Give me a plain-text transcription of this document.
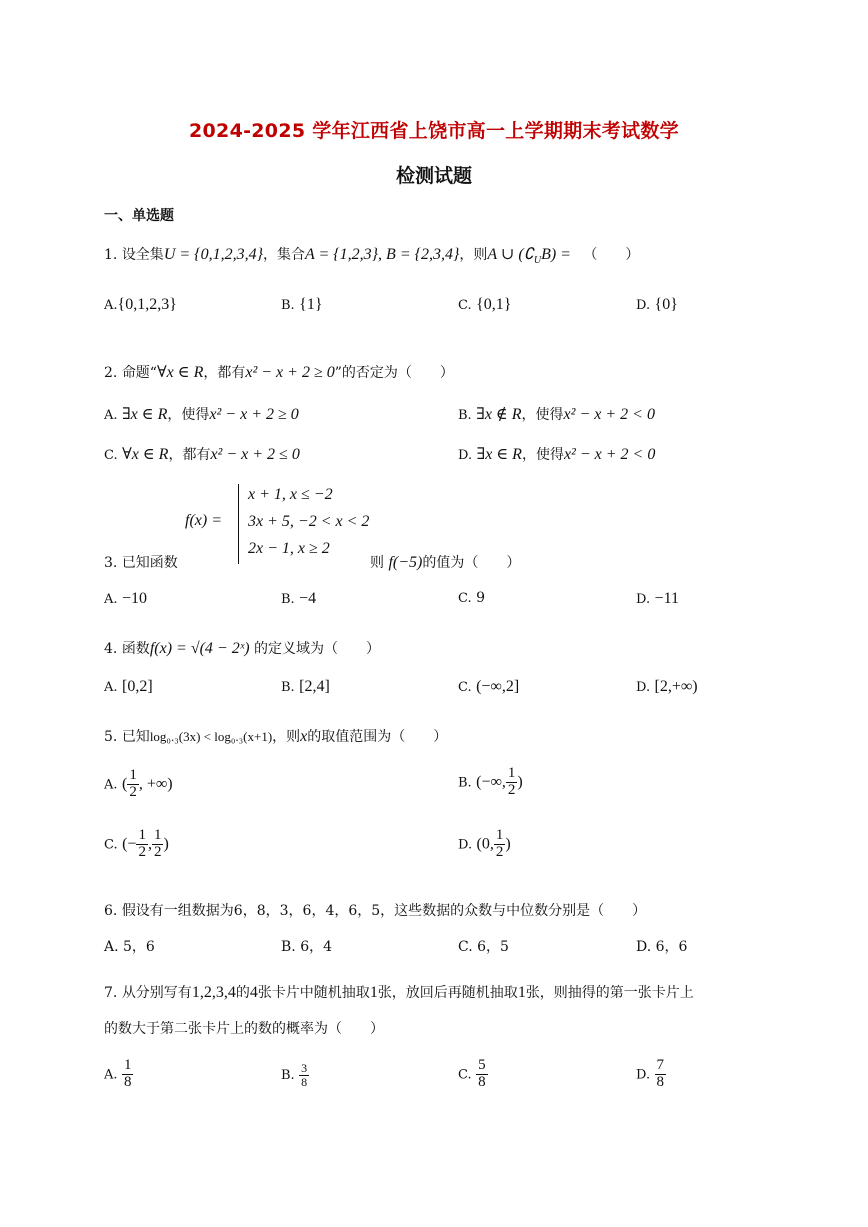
2024-2025 学年江西省上饶市高一上学期期末考试数学
检测试题
一、单选题
1. 设全集U = {0,1,2,3,4}，集合A = {1,2,3}, B = {2,3,4}，则A ∪ $(∁_UB)$ = （　　）
A.{0,1,2,3}	B. {1}	C. {0,1}	D. {0}
2. 命题“∀x ∈ R，都有x² − x + 2 ≥ 0”的否定为（　　）
A. ∃x ∈ R，使得x² − x + 2 ≥ 0	B. ∃x ∉ R，使得x² − x + 2 < 0
C. ∀x ∈ R，都有x² − x + 2 ≤ 0	D. ∃x ∈ R，使得x² − x + 2 < 0
f(x) =
x + 1, x ≤ −2
3x + 5, −2 < x < 2
2x − 1, x ≥ 2
3. 已知函数	则 f(−5)的值为（　　）
A. −10	B. −4	C. 9	D. −11
4. 函数f(x) = √(4 − 2ˣ) 的定义域为（　　）
A. [0,2]	B. [2,4]	C. (−∞,2]	D. [2,+∞)
5. 已知log₀.₃(3x) < log₀.₃(x+1)，则x的取值范围为（　　）
A. ( $\frac{1}{2}$ , +∞)	B. (−∞, $\frac{1}{2}$ )
C. (− $\frac{1}{2}$ , $\frac{1}{2}$ )	D. (0, $\frac{1}{2}$ )
6. 假设有一组数据为6，8，3，6，4，6，5，这些数据的众数与中位数分别是（　　）
A. 5，6	B. 6，4	C. 6，5	D. 6，6
7. 从分别写有1,2,3,4的4张卡片中随机抽取1张，放回后再随机抽取1张，则抽得的第一张卡片上
的数大于第二张卡片上的数的概率为（　　）
A. $\frac{1}{8}$	B. $\frac{3}{8}$	C. $\frac{5}{8}$	D. $\frac{7}{8}$
